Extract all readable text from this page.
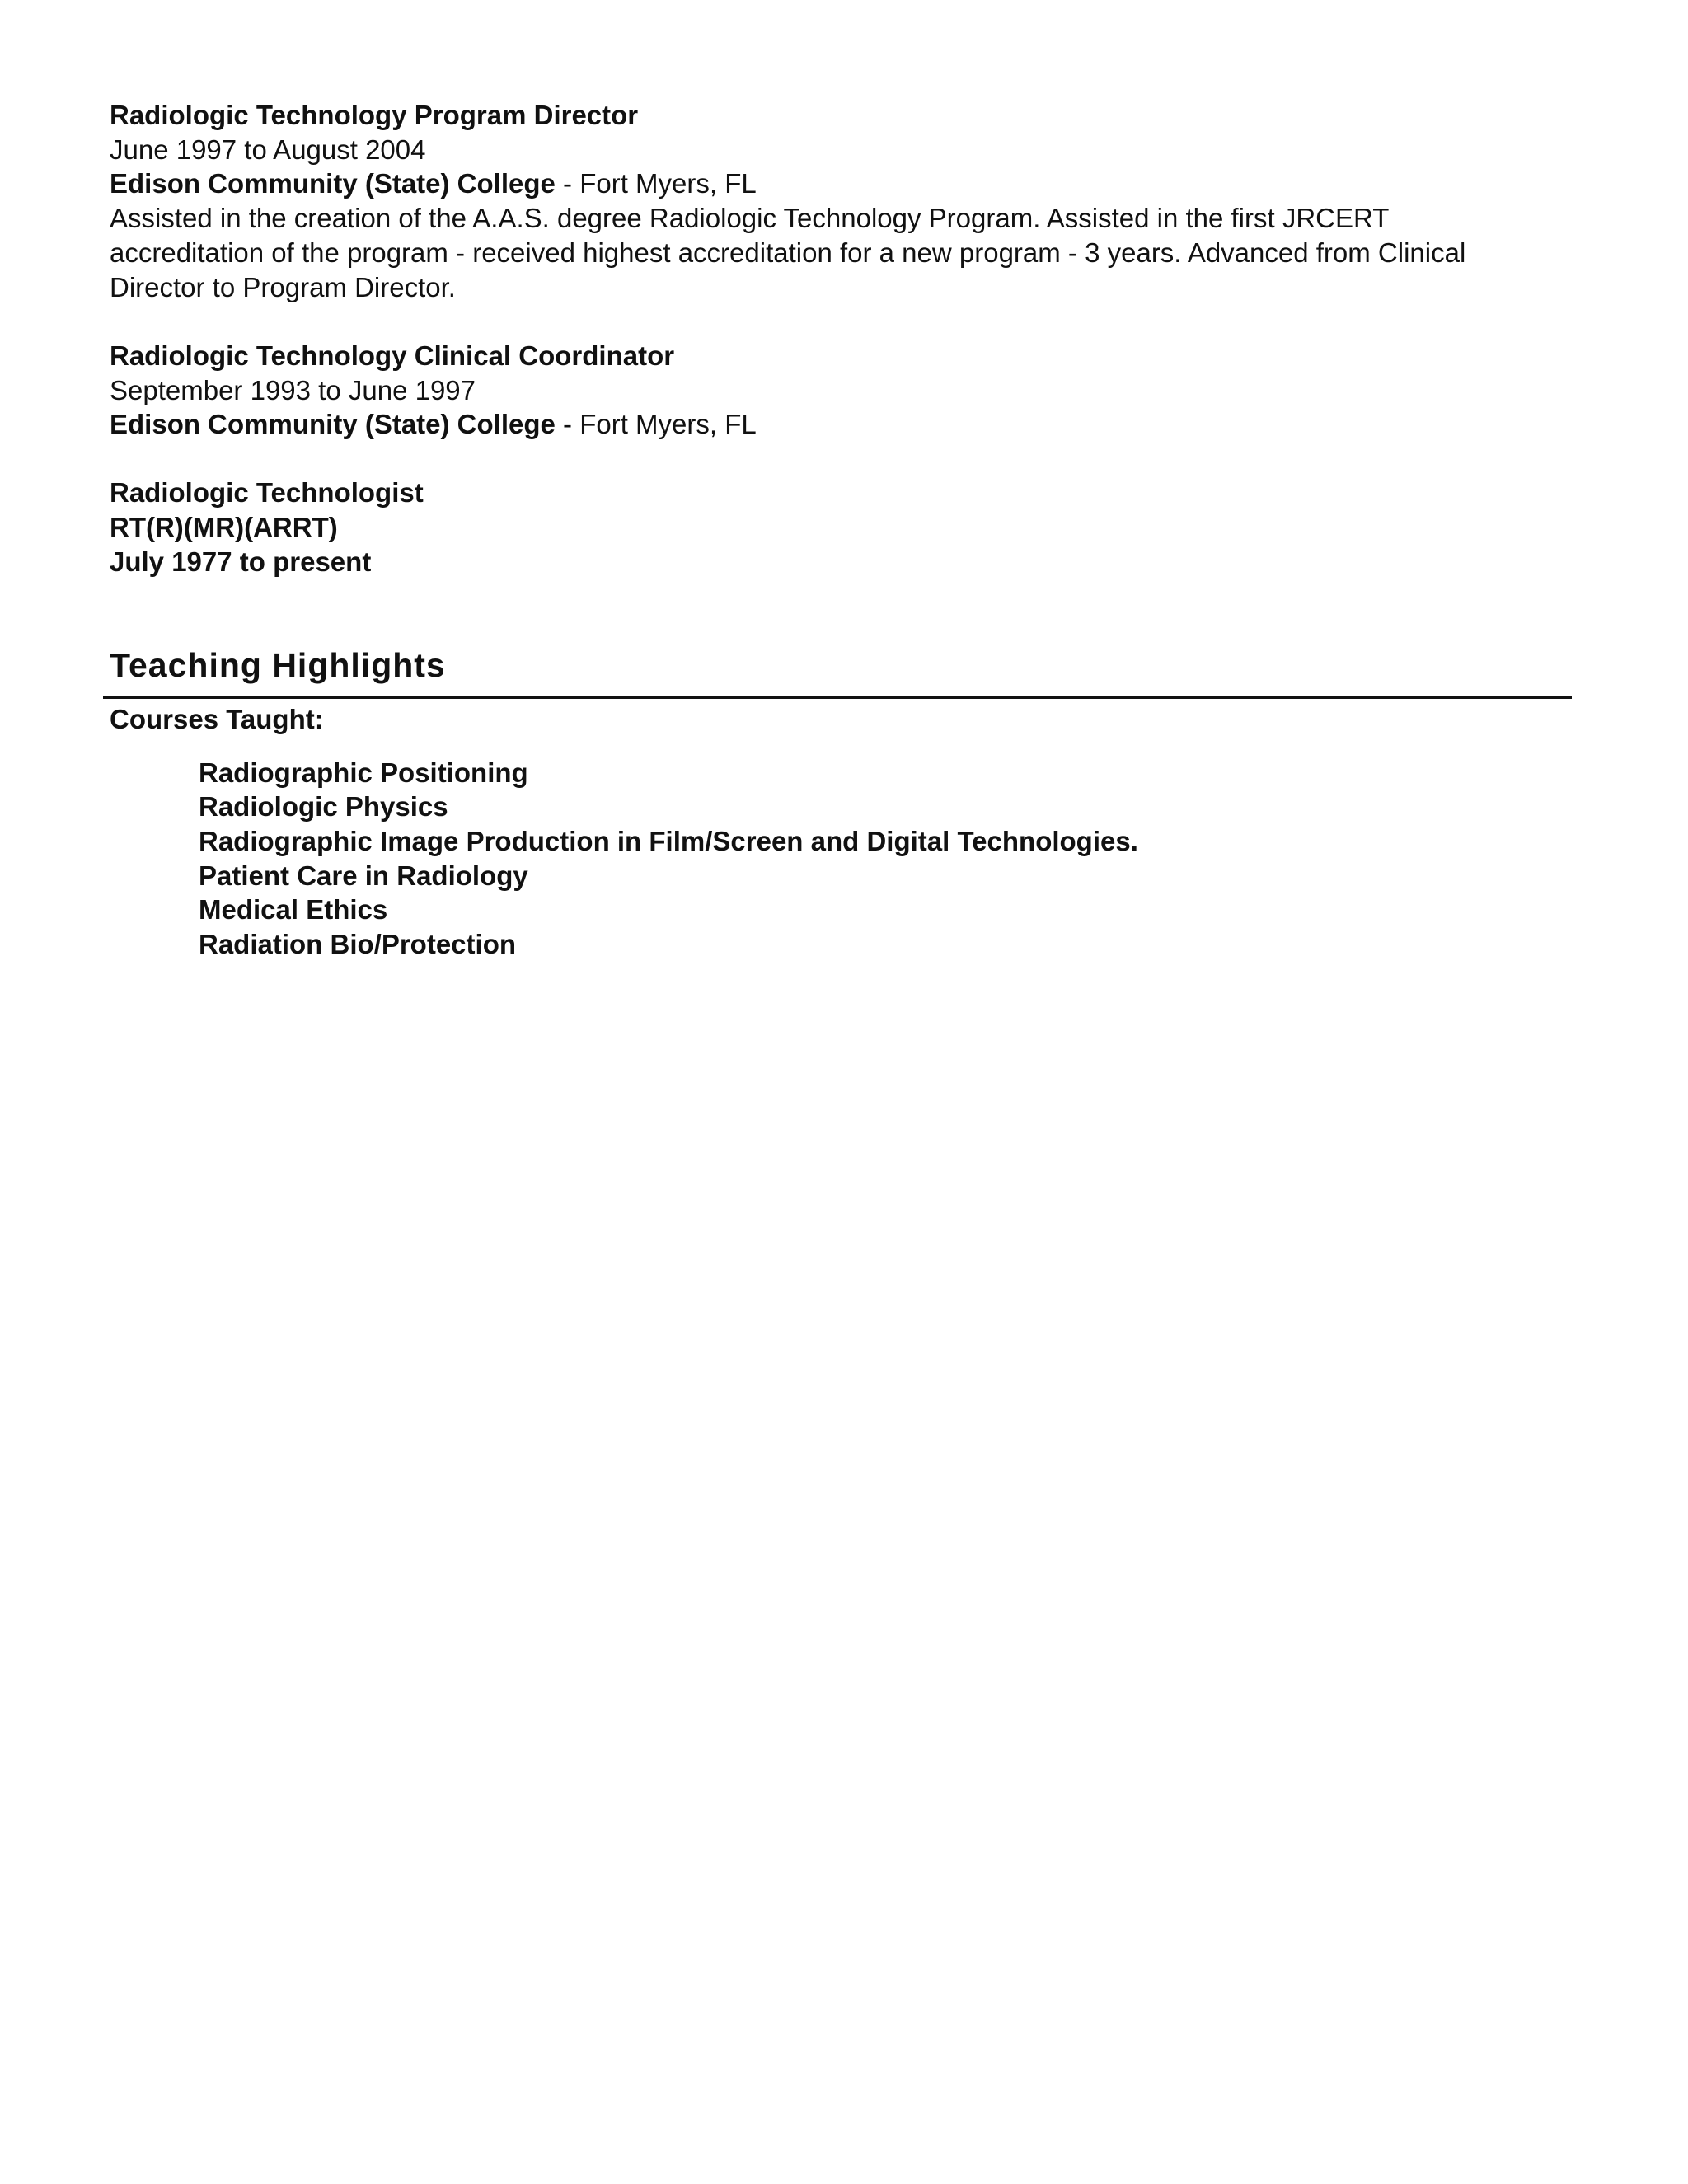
Radiologic Technology Program Director
June 1997 to August 2004
Edison Community (State) College - Fort Myers, FL
Assisted in the creation of the A.A.S. degree Radiologic Technology Program. Assisted in the first JRCERT accreditation of the program - received highest accreditation for a new program - 3 years. Advanced from Clinical Director to Program Director.
Radiologic Technology Clinical Coordinator
September 1993 to June 1997
Edison Community (State) College - Fort Myers, FL
Radiologic Technologist
RT(R)(MR)(ARRT)
July 1977 to present
Teaching Highlights
Courses Taught:
Radiographic Positioning
Radiologic Physics
Radiographic Image Production in Film/Screen and Digital Technologies.
Patient Care in Radiology
Medical Ethics
Radiation Bio/Protection
